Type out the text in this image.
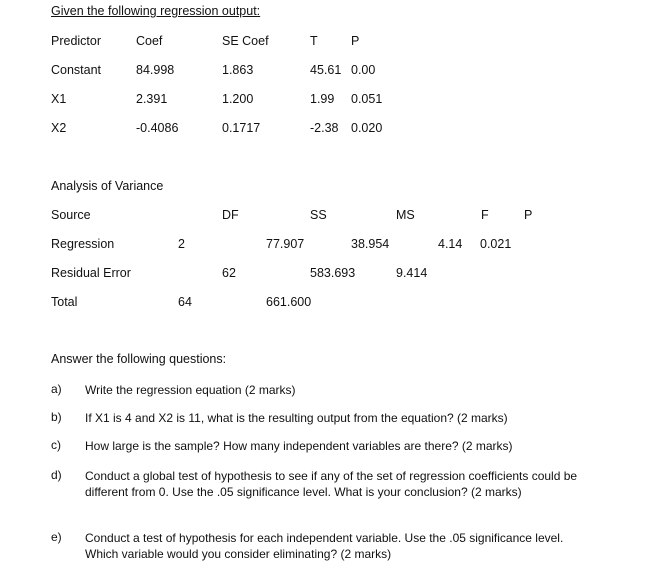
Given the following regression output:
Predictor	Coef	SE Coef	T	P
Constant	84.998	1.863	45.61 0.00
X1	2.391	1.200	1.99 0.051
X2	-0.4086	0.1717	-2.38 0.020
Analysis of Variance
Source	DF	SS	MS	F	P
Regression	2	77.907	38.954	4.14 0.021
Residual Error	62	583.693	9.414
Total	64	661.600
Answer the following questions:
a) Write the regression equation (2 marks)
b) If X1 is 4 and X2 is 11, what is the resulting output from the equation? (2 marks)
c) How large is the sample? How many independent variables are there? (2 marks)
d) Conduct a global test of hypothesis to see if any of the set of regression coefficients could be different from 0. Use the .05 significance level. What is your conclusion? (2 marks)
e) Conduct a test of hypothesis for each independent variable. Use the .05 significance level. Which variable would you consider eliminating? (2 marks)
